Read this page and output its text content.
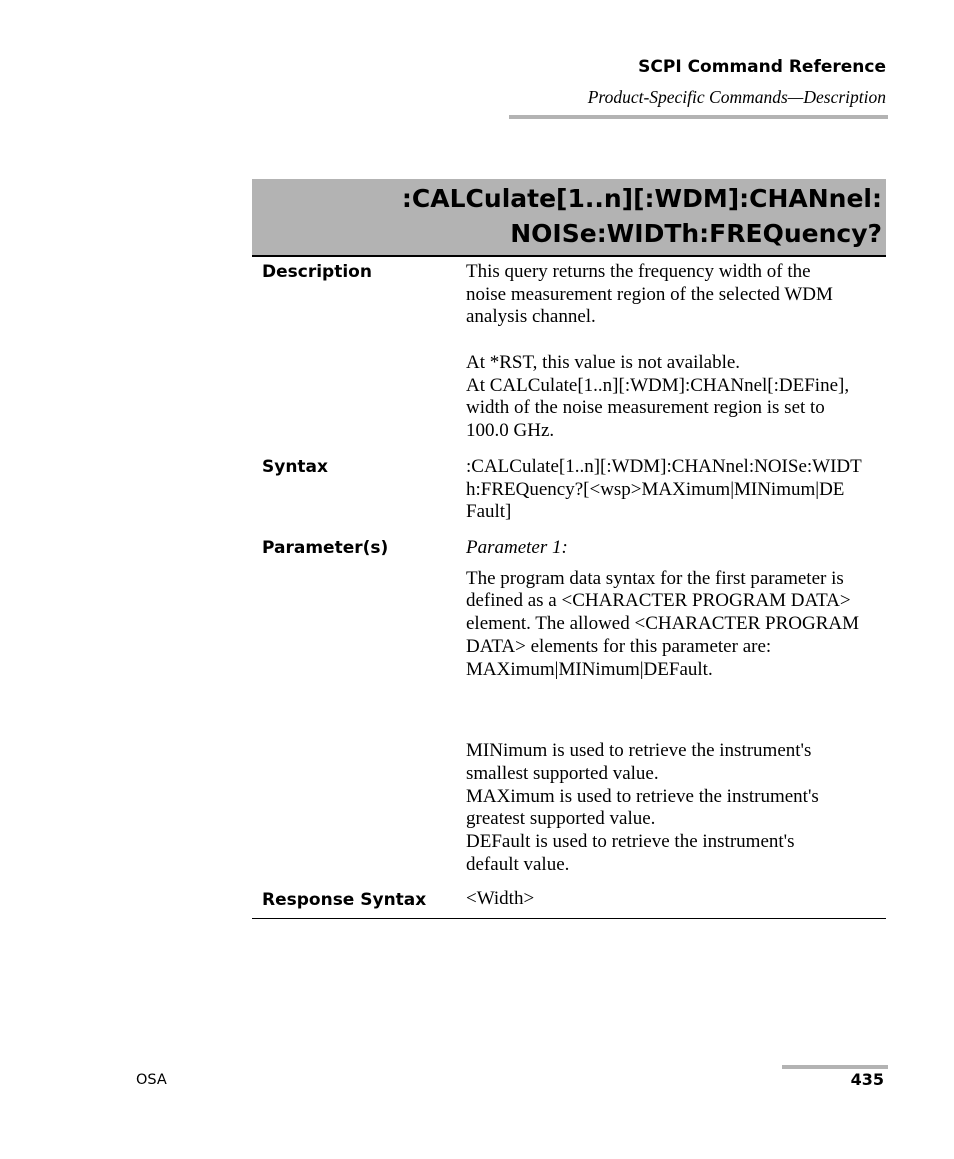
SCPI Command Reference
Product-Specific Commands—Description
:CALCulate[1..n][:WDM]:CHANnel:
NOISe:WIDTh:FREQuency?
Description	This query returns the frequency width of the
noise measurement region of the selected WDM
analysis channel.
At *RST, this value is not available.
At CALCulate[1..n][:WDM]:CHANnel[:DEFine],
width of the noise measurement region is set to
100.0 GHz.
Syntax	:CALCulate[1..n][:WDM]:CHANnel:NOISe:WIDT
h:FREQuency?[<wsp>MAXimum|MINimum|DE
Fault]
Parameter(s)	Parameter 1:
The program data syntax for the first parameter is
defined as a <CHARACTER PROGRAM DATA>
element. The allowed <CHARACTER PROGRAM
DATA> elements for this parameter are:
MAXimum|MINimum|DEFault.
MINimum is used to retrieve the instrument's
smallest supported value.
MAXimum is used to retrieve the instrument's
greatest supported value.
DEFault is used to retrieve the instrument's
default value.
Response Syntax <Width>
OSA	435
